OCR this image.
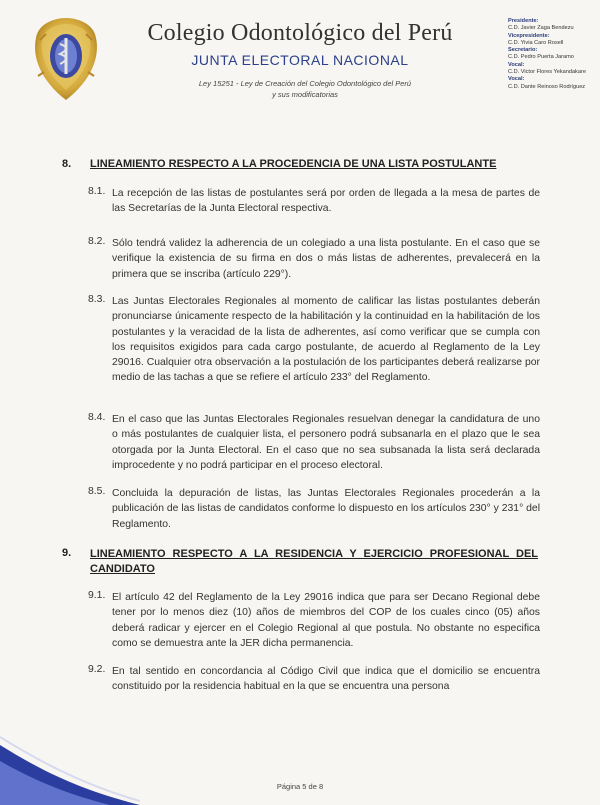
Colegio Odontológico del Perú
JUNTA ELECTORAL NACIONAL
Ley 15251 - Ley de Creación del Colegio Odontológico del Perú
y sus modificatorias
Presidente:
C.D. Javier Zaga Bendezu
Vicepresidente:
C.D. Yivia Caro Rosell
Secretario:
C.D. Pedro Puerta Jaramo
Vocal:
C.D. Victor Flores Yekandakare
Vocal:
C.D. Dante Reinoso Rodríguez
8. LINEAMIENTO RESPECTO A LA PROCEDENCIA DE UNA LISTA POSTULANTE
8.1. La recepción de las listas de postulantes será por orden de llegada a la mesa de partes de las Secretarías de la Junta Electoral respectiva.
8.2. Sólo tendrá validez la adherencia de un colegiado a una lista postulante. En el caso que se verifique la existencia de su firma en dos o más listas de adherentes, prevalecerá en la primera que se inscriba (artículo 229°).
8.3. Las Juntas Electorales Regionales al momento de calificar las listas postulantes deberán pronunciarse únicamente respecto de la habilitación y la continuidad en la habilitación de los postulantes y la veracidad de la lista de adherentes, así como verificar que se cumpla con los requisitos exigidos para cada cargo postulante, de acuerdo al Reglamento de la Ley 29016. Cualquier otra observación a la postulación de los participantes deberá realizarse por medio de las tachas a que se refiere el artículo 233° del Reglamento.
8.4. En el caso que las Juntas Electorales Regionales resuelvan denegar la candidatura de uno o más postulantes de cualquier lista, el personero podrá subsanarla en el plazo que le sea otorgada por la Junta Electoral. En el caso que no sea subsanada la lista será declarada improcedente y no podrá participar en el proceso electoral.
8.5. Concluida la depuración de listas, las Juntas Electorales Regionales procederán a la publicación de las listas de candidatos conforme lo dispuesto en los artículos 230° y 231° del Reglamento.
9. LINEAMIENTO RESPECTO A LA RESIDENCIA Y EJERCICIO PROFESIONAL DEL CANDIDATO
9.1. El artículo 42 del Reglamento de la Ley 29016 indica que para ser Decano Regional debe tener por lo menos diez (10) años de miembros del COP de los cuales cinco (05) años deberá radicar y ejercer en el Colegio Regional al que postula. No obstante no especifica como se demuestra ante la JER dicha permanencia.
9.2. En tal sentido en concordancia al Código Civil que indica que el domicilio se encuentra constituido por la residencia habitual en la que se encuentra una persona
Página 5 de 8
